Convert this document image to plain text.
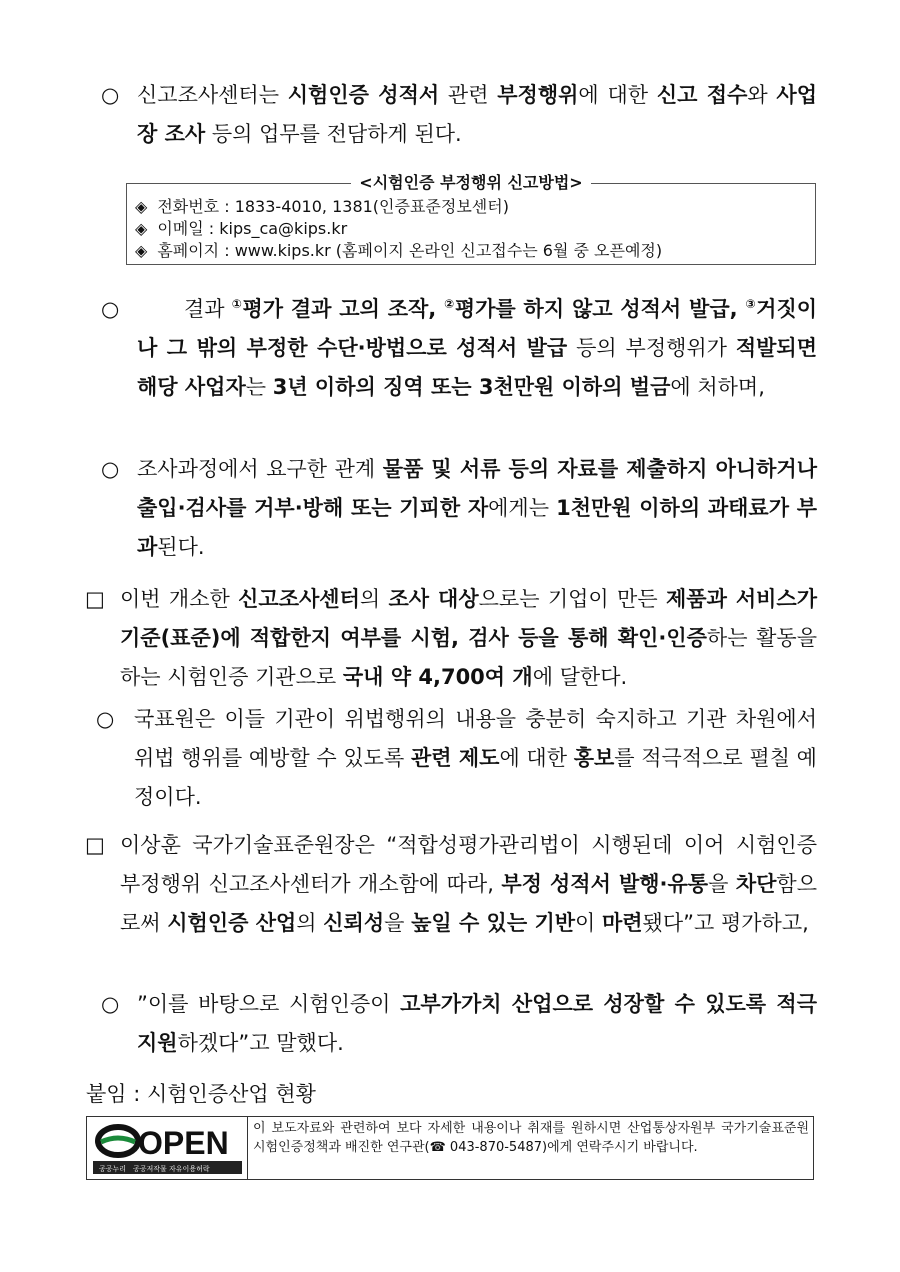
○ 신고조사센터는 시험인증 성적서 관련 부정행위에 대한 신고 접수와 사업장 조사 등의 업무를 전담하게 된다.
<시험인증 부정행위 신고방법>
◈ 전화번호 : 1833-4010, 1381(인증표준정보센터)
◈ 이메일 : kips_ca@kips.kr
◈ 홈페이지 : www.kips.kr (홈페이지 온라인 신고접수는 6월 중 오픈예정)
○	결과 ①평가 결과 고의 조작, ②평가를 하지 않고 성적서 발급, ③거짓이나 그 밖의 부정한 수단·방법으로 성적서 발급 등의 부정행위가 적발되면 해당 사업자는 3년 이하의 징역 또는 3천만원 이하의 벌금에 처하며,
○ 조사과정에서 요구한 관계 물품 및 서류 등의 자료를 제출하지 아니하거나 출입·검사를 거부·방해 또는 기피한 자에게는 1천만원 이하의 과태료가 부과된다.
□ 이번 개소한 신고조사센터의 조사 대상으로는 기업이 만든 제품과 서비스가 기준(표준)에 적합한지 여부를 시험, 검사 등을 통해 확인·인증하는 활동을 하는 시험인증 기관으로 국내 약 4,700여 개에 달한다.
○ 국표원은 이들 기관이 위법행위의 내용을 충분히 숙지하고 기관 차원에서 위법 행위를 예방할 수 있도록 관련 제도에 대한 홍보를 적극적으로 펼칠 예정이다.
□ 이상훈 국가기술표준원장은 “적합성평가관리법이 시행된데 이어 시험인증 부정행위 신고조사센터가 개소함에 따라, 부정 성적서 발행·유통을 차단함으로써 시험인증 산업의 신뢰성을 높일 수 있는 기반이 마련됐다”고 평가하고,
○ ”이를 바탕으로 시험인증이 고부가가치 산업으로 성장할 수 있도록 적극 지원하겠다”고 말했다.
붙임 : 시험인증산업 현황
OPEN
공공누리 공공저작물 자유이용허락
이 보도자료와 관련하여 보다 자세한 내용이나 취재를 원하시면 산업통상자원부 국가기술표준원 시험인증정책과 배진한 연구관(☎ 043-870-5487)에게 연락주시기 바랍니다.
